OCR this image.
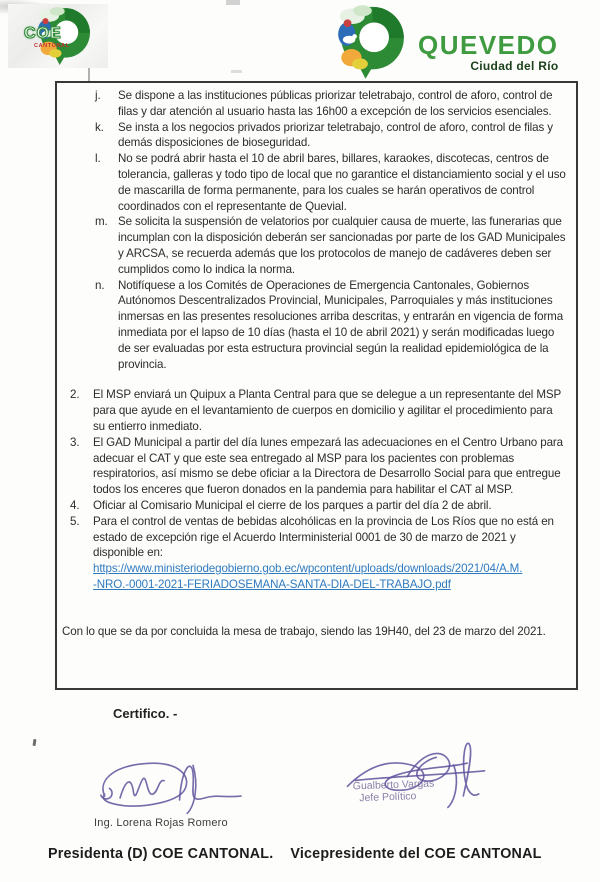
COE
CANTONAL	QUEVEDO
Ciudad del Río
j.	Se dispone a las instituciones públicas priorizar teletrabajo, control de aforo, control de filas y dar atención al usuario hasta las 16h00 a excepción de los servicios esenciales.
k.	Se insta a los negocios privados priorizar teletrabajo, control de aforo, control de filas y demás disposiciones de bioseguridad.
l.	No se podrá abrir hasta el 10 de abril bares, billares, karaokes, discotecas, centros de tolerancia, galleras y todo tipo de local que no garantice el distanciamiento social y el uso de mascarilla de forma permanente, para los cuales se harán operativos de control coordinados con el representante de Quevial.
m. Se solicita la suspensión de velatorios por cualquier causa de muerte, las funerarias que incumplan con la disposición deberán ser sancionadas por parte de los GAD Municipales y ARCSA, se recuerda además que los protocolos de manejo de cadáveres deben ser cumplidos como lo indica la norma.
n.	Notifíquese a los Comités de Operaciones de Emergencia Cantonales, Gobiernos Autónomos Descentralizados Provincial, Municipales, Parroquiales y más instituciones inmersas en las presentes resoluciones arriba descritas, y entrarán en vigencia de forma inmediata por el lapso de 10 días (hasta el 10 de abril 2021) y serán modificadas luego de ser evaluadas por esta estructura provincial según la realidad epidemiológica de la provincia.
2.	El MSP enviará un Quipux a Planta Central para que se delegue a un representante del MSP para que ayude en el levantamiento de cuerpos en domicilio y agilitar el procedimiento para su entierro inmediato.
3.	El GAD Municipal a partir del día lunes empezará las adecuaciones en el Centro Urbano para adecuar el CAT y que este sea entregado al MSP para los pacientes con problemas respiratorios, así mismo se debe oficiar a la Directora de Desarrollo Social para que entregue todos los enceres que fueron donados en la pandemia para habilitar el CAT al MSP.
4.	Oficiar al Comisario Municipal el cierre de los parques a partir del día 2 de abril.
5.	Para el control de ventas de bebidas alcohólicas en la provincia de Los Ríos que no está en estado de excepción rige el Acuerdo Interministerial 0001 de 30 de marzo de 2021 y disponible en:
https://www.ministeriodegobierno.gob.ec/wpcontent/uploads/downloads/2021/04/A.M.
-NRO.-0001-2021-FERIADOSEMANA-SANTA-DIA-DEL-TRABAJO.pdf
Con lo que se da por concluida la mesa de trabajo, siendo las 19H40, del 23 de marzo del 2021.
Certifico. -
Ing. Lorena Rojas Romero
Gualberto Vargas
Jefe Político
Presidenta (D) COE CANTONAL. Vicepresidente del COE CANTONAL
